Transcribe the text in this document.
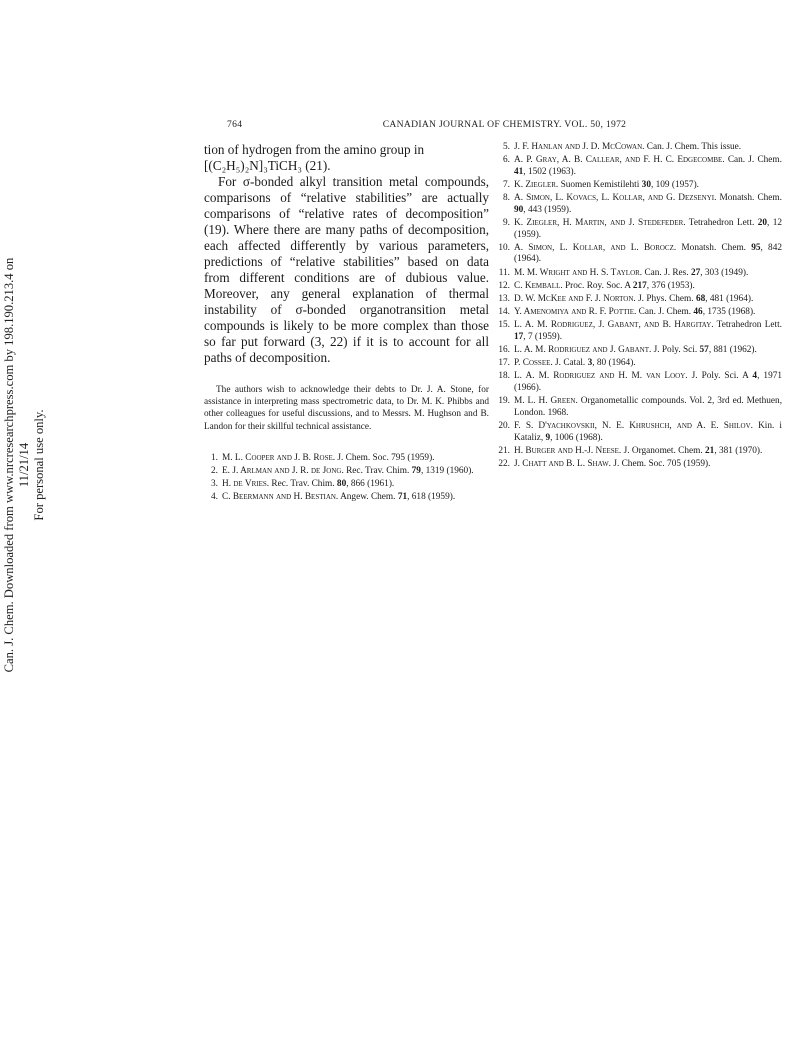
Can. J. Chem. Downloaded from www.nrcresearchpress.com by 198.190.213.4 on 11/21/14 For personal use only.
764	CANADIAN JOURNAL OF CHEMISTRY. VOL. 50, 1972

tion of hydrogen from the amino group in
[(C₂H₅)₂N]₃TiCH₃ (21).

For σ-bonded alkyl transition metal compounds, comparisons of “relative stabilities” are actually comparisons of “relative rates of decomposition” (19). Where there are many paths of decomposition, each affected differently by various parameters, predictions of “relative stabilities” based on data from different conditions are of dubious value. Moreover, any general explanation of thermal instability of σ-bonded organotransition metal compounds is likely to be more complex than those so far put forward (3, 22) if it is to account for all paths of decomposition.

The authors wish to acknowledge their debts to Dr. J. A. Stone, for assistance in interpreting mass spectrometric data, to Dr. M. K. Phibbs and other colleagues for useful discussions, and to Messrs. M. Hughson and B. Landon for their skillful technical assistance.

1. M. L. Cooper and J. B. Rose. J. Chem. Soc. 795 (1959).
2. E. J. Arlman and J. R. de Jong. Rec. Trav. Chim. 79, 1319 (1960).
3. H. de Vries. Rec. Trav. Chim. 80, 866 (1961).
4. C. Beermann and H. Bestian. Angew. Chem. 71, 618 (1959).
5. J. F. Hanlan and J. D. McCowan. Can. J. Chem. This issue.
6. A. P. Gray, A. B. Callear, and F. H. C. Edgecombe. Can. J. Chem. 41, 1502 (1963).
7. K. Ziegler. Suomen Kemistilehti 30, 109 (1957).
8. A. Simon, L. Kovacs, L. Kollar, and G. Dezsenyi. Monatsh. Chem. 90, 443 (1959).
9. K. Ziegler, H. Martin, and J. Stedefeder. Tetrahedron Lett. 20, 12 (1959).
10. A. Simon, L. Kollar, and L. Borocz. Monatsh. Chem. 95, 842 (1964).
11. M. M. Wright and H. S. Taylor. Can. J. Res. 27, 303 (1949).
12. C. Kemball. Proc. Roy. Soc. A 217, 376 (1953).
13. D. W. McKee and F. J. Norton. J. Phys. Chem. 68, 481 (1964).
14. Y. Amenomiya and R. F. Pottie. Can. J. Chem. 46, 1735 (1968).
15. L. A. M. Rodriguez, J. Gabant, and B. Hargitay. Tetrahedron Lett. 17, 7 (1959).
16. L. A. M. Rodriguez and J. Gabant. J. Poly. Sci. 57, 881 (1962).
17. P. Cossee. J. Catal. 3, 80 (1964).
18. L. A. M. Rodriguez and H. M. van Looy. J. Poly. Sci. A 4, 1971 (1966).
19. M. L. H. Green. Organometallic compounds. Vol. 2, 3rd ed. Methuen, London. 1968.
20. F. S. D'yachkovskii, N. E. Khrushch, and A. E. Shilov. Kin. i Kataliz, 9, 1006 (1968).
21. H. Burger and H.-J. Neese. J. Organomet. Chem. 21, 381 (1970).
22. J. Chatt and B. L. Shaw. J. Chem. Soc. 705 (1959).
